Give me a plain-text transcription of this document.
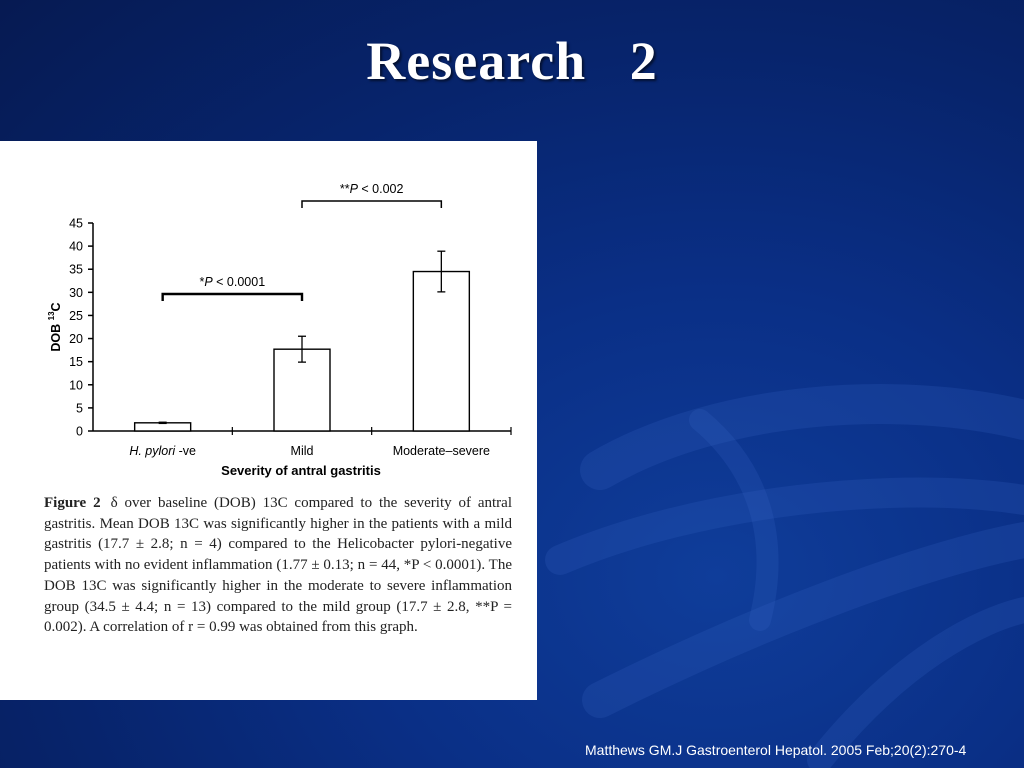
Research   2
0
5
10
15
20
25
30
35
40
45
H. pylori -ve	Mild	Moderate–severe
*P < 0.0001
**P < 0.002
Severity of antral gastritis
DOB $^{13}$C
Figure 2 δ over baseline (DOB) 13C compared to the severity of antral gastritis. Mean DOB 13C was significantly higher in the patients with a mild gastritis (17.7 ± 2.8; n = 4) compared to the Helicobacter pylori-negative patients with no evident inflammation (1.77 ± 0.13; n = 44, *P < 0.0001). The DOB 13C was significantly higher in the moderate to severe inflammation group (34.5 ± 4.4; n = 13) compared to the mild group (17.7 ± 2.8, **P = 0.002). A correlation of r = 0.99 was obtained from this graph.
Matthews GM.J Gastroenterol Hepatol. 2005 Feb;20(2):270-4
